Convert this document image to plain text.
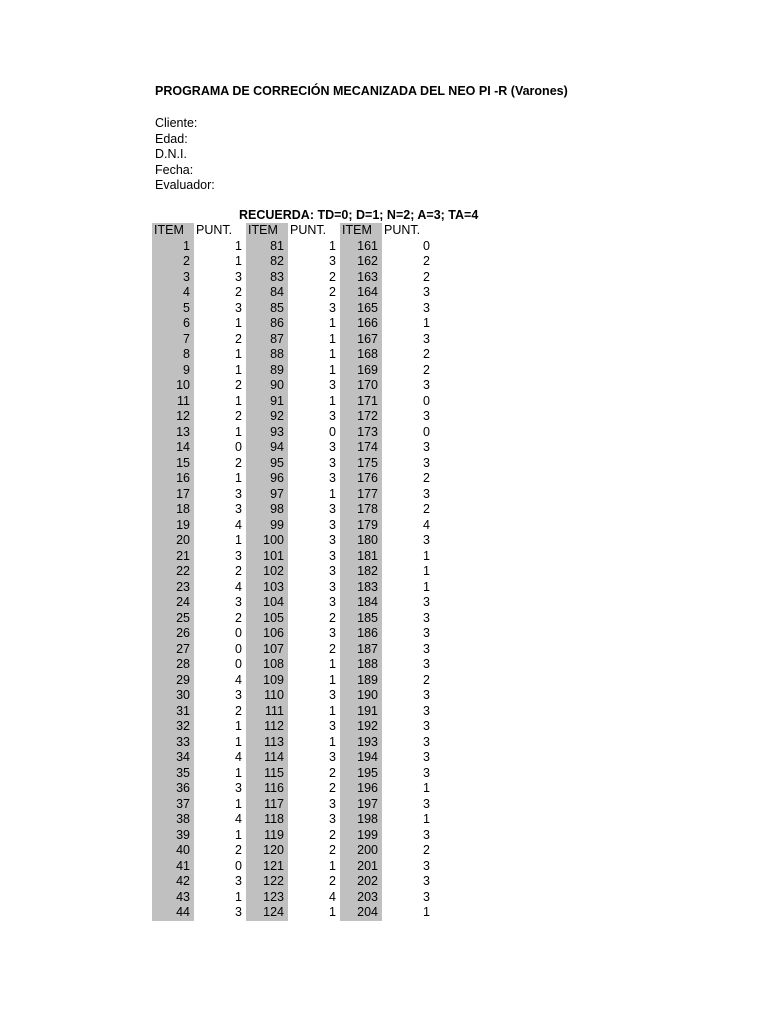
PROGRAMA DE CORRECIÓN MECANIZADA DEL NEO PI -R (Varones)
Cliente:
Edad:
D.N.I.
Fecha:
Evaluador:
RECUERDA: TD=0; D=1; N=2; A=3; TA=4
ITEM	PUNT.	ITEM	PUNT.	ITEM	PUNT.
1	1	81	1	161	0
2	1	82	3	162	2
3	3	83	2	163	2
4	2	84	2	164	3
5	3	85	3	165	3
6	1	86	1	166	1
7	2	87	1	167	3
8	1	88	1	168	2
9	1	89	1	169	2
10	2	90	3	170	3
11	1	91	1	171	0
12	2	92	3	172	3
13	1	93	0	173	0
14	0	94	3	174	3
15	2	95	3	175	3
16	1	96	3	176	2
17	3	97	1	177	3
18	3	98	3	178	2
19	4	99	3	179	4
20	1	100	3	180	3
21	3	101	3	181	1
22	2	102	3	182	1
23	4	103	3	183	1
24	3	104	3	184	3
25	2	105	2	185	3
26	0	106	3	186	3
27	0	107	2	187	3
28	0	108	1	188	3
29	4	109	1	189	2
30	3	110	3	190	3
31	2	111	1	191	3
32	1	112	3	192	3
33	1	113	1	193	3
34	4	114	3	194	3
35	1	115	2	195	3
36	3	116	2	196	1
37	1	117	3	197	3
38	4	118	3	198	1
39	1	119	2	199	3
40	2	120	2	200	2
41	0	121	1	201	3
42	3	122	2	202	3
43	1	123	4	203	3
44	3	124	1	204	1
